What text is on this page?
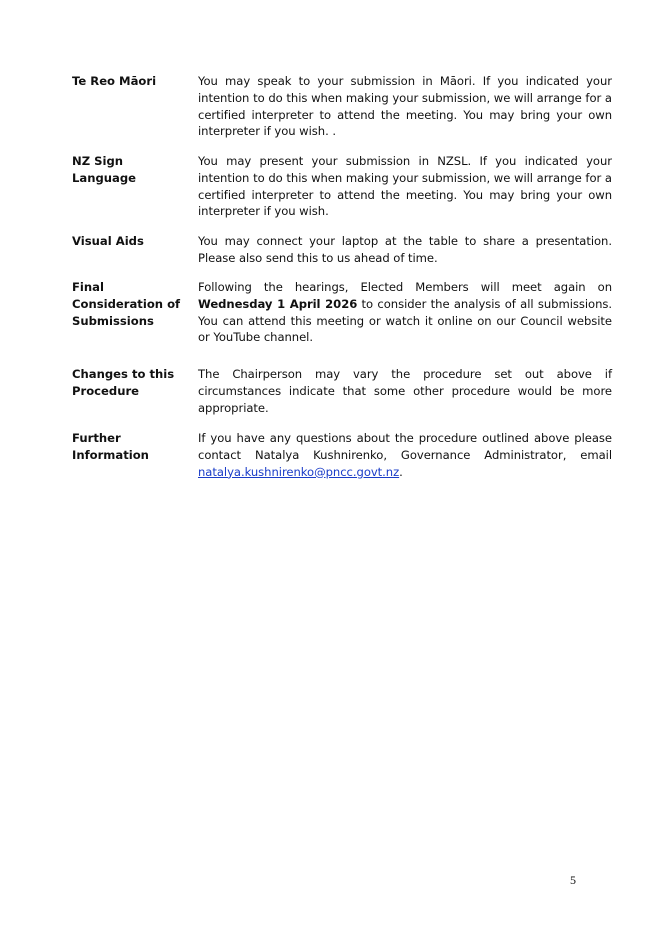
Te Reo Māori	You may speak to your submission in Māori. If you indicated your intention to do this when making your submission, we will arrange for a certified interpreter to attend the meeting. You may bring your own interpreter if you wish. .
NZ Sign Language
You may present your submission in NZSL. If you indicated your intention to do this when making your submission, we will arrange for a certified interpreter to attend the meeting. You may bring your own interpreter if you wish.
Visual Aids	You may connect your laptop at the table to share a presentation. Please also send this to us ahead of time.
Final Consideration of Submissions
Following the hearings, Elected Members will meet again on Wednesday 1 April 2026 to consider the analysis of all submissions. You can attend this meeting or watch it online on our Council website or YouTube channel.
Changes to this Procedure
The Chairperson may vary the procedure set out above if circumstances indicate that some other procedure would be more appropriate.
Further Information
If you have any questions about the procedure outlined above please contact Natalya Kushnirenko, Governance Administrator, email natalya.kushnirenko@pncc.govt.nz.
5
